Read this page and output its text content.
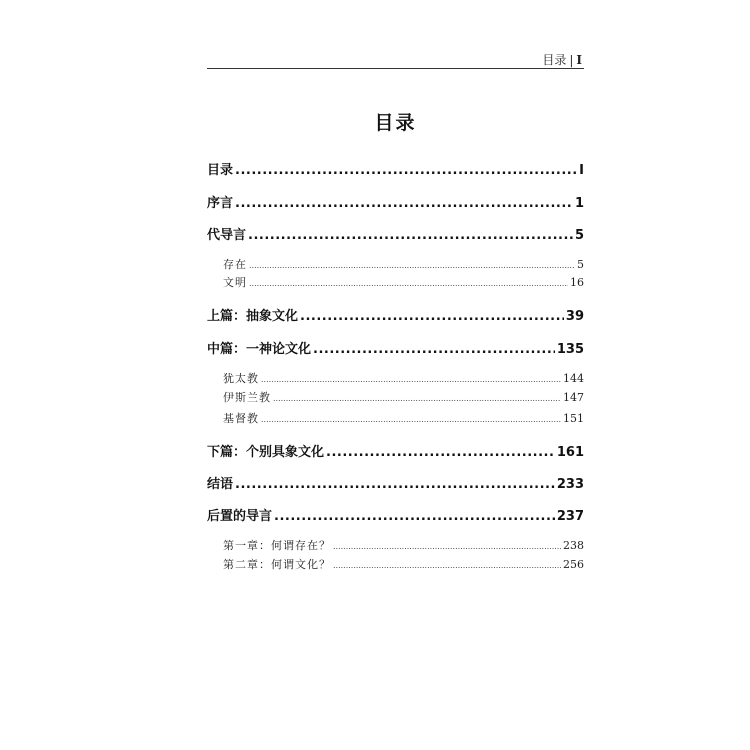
目录 | I
目录
目录 .....	I
序言 .....	1
代导言 .....	5
存在 .....	5
文明 .....	16
上篇：抽象文化 .....	39
中篇：一神论文化 .....	135
犹太教 .....	144
伊斯兰教 .....	147
基督教 .....	151
下篇：个别具象文化 .....	161
结语 .....	233
后置的导言 .....	237
第一章：何谓存在？ .....	238
第二章：何谓文化？ .....	256
